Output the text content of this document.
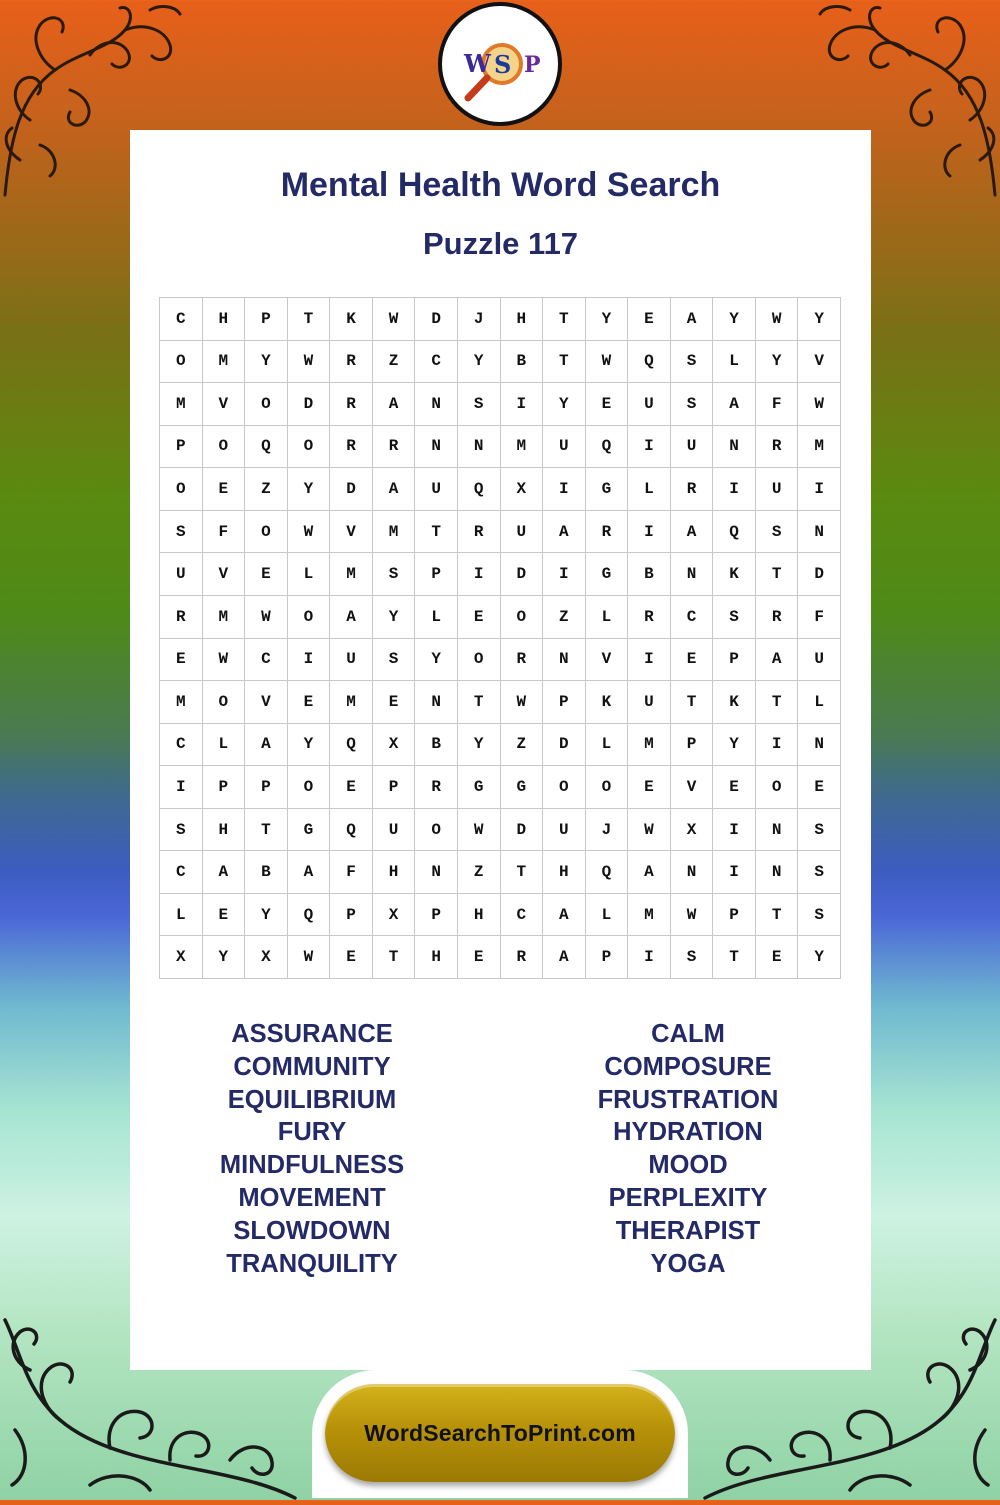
W S P
Mental Health Word Search
Puzzle 117
C	H	P	T	K	W	D	J	H	T	Y	E	A	Y	W	Y
O	M	Y	W	R	Z	C	Y	B	T	W	Q	S	L	Y	V
M	V	O	D	R	A	N	S	I	Y	E	U	S	A	F	W
P	O	Q	O	R	R	N	N	M	U	Q	I	U	N	R	M
O	E	Z	Y	D	A	U	Q	X	I	G	L	R	I	U	I
S	F	O	W	V	M	T	R	U	A	R	I	A	Q	S	N
U	V	E	L	M	S	P	I	D	I	G	B	N	K	T	D
R	M	W	O	A	Y	L	E	O	Z	L	R	C	S	R	F
E	W	C	I	U	S	Y	O	R	N	V	I	E	P	A	U
M	O	V	E	M	E	N	T	W	P	K	U	T	K	T	L
C	L	A	Y	Q	X	B	Y	Z	D	L	M	P	Y	I	N
I	P	P	O	E	P	R	G	G	O	O	E	V	E	O	E
S	H	T	G	Q	U	O	W	D	U	J	W	X	I	N	S
C	A	B	A	F	H	N	Z	T	H	Q	A	N	I	N	S
L	E	Y	Q	P	X	P	H	C	A	L	M	W	P	T	S
X	Y	X	W	E	T	H	E	R	A	P	I	S	T	E	Y
ASSURANCE
COMMUNITY
EQUILIBRIUM
FURY
MINDFULNESS
MOVEMENT
SLOWDOWN
TRANQUILITY
CALM
COMPOSURE
FRUSTRATION
HYDRATION
MOOD
PERPLEXITY
THERAPIST
YOGA
WordSearchToPrint.com
